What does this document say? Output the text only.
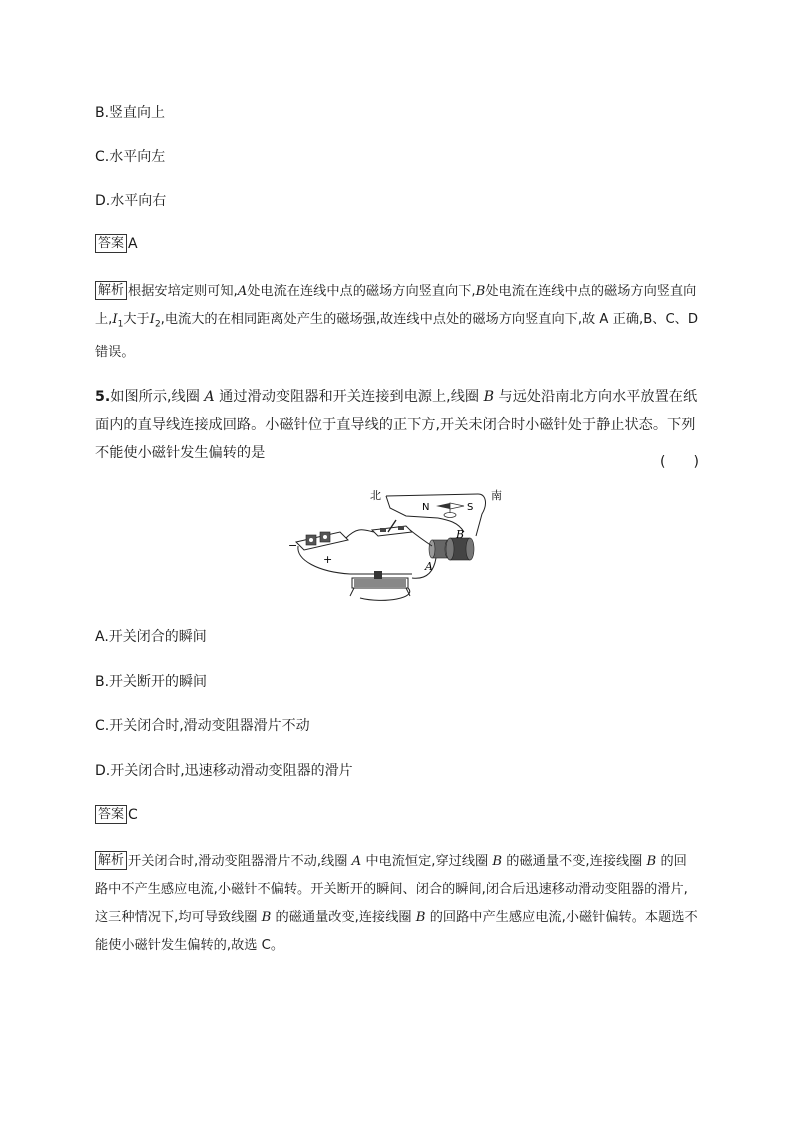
B.竖直向上
C.水平向左
D.水平向右
答案 A
解析 根据安培定则可知,A处电流在连线中点的磁场方向竖直向下,B处电流在连线中点的磁场方向竖直向上$,I_1$大于$I_2$,电流大的在相同距离处产生的磁场强,故连线中点处的磁场方向竖直向下,故 A 正确,B、C、D 错误。
5.如图所示,线圈 A 通过滑动变阻器和开关连接到电源上,线圈 B 与远处沿南北方向水平放置在纸面内的直导线连接成回路。小磁针位于直导线的正下方,开关未闭合时小磁针处于静止状态。下列不能使小磁针发生偏转的是
(　　)
北	南
N	S
−
+
A
B
A.开关闭合的瞬间
B.开关断开的瞬间
C.开关闭合时,滑动变阻器滑片不动
D.开关闭合时,迅速移动滑动变阻器的滑片
答案 C
解析 开关闭合时,滑动变阻器滑片不动,线圈 A 中电流恒定,穿过线圈 B 的磁通量不变,连接线圈 B 的回路中不产生感应电流,小磁针不偏转。开关断开的瞬间、闭合的瞬间,闭合后迅速移动滑动变阻器的滑片,这三种情况下,均可导致线圈 B 的磁通量改变,连接线圈 B 的回路中产生感应电流,小磁针偏转。本题选不能使小磁针发生偏转的,故选 C。
